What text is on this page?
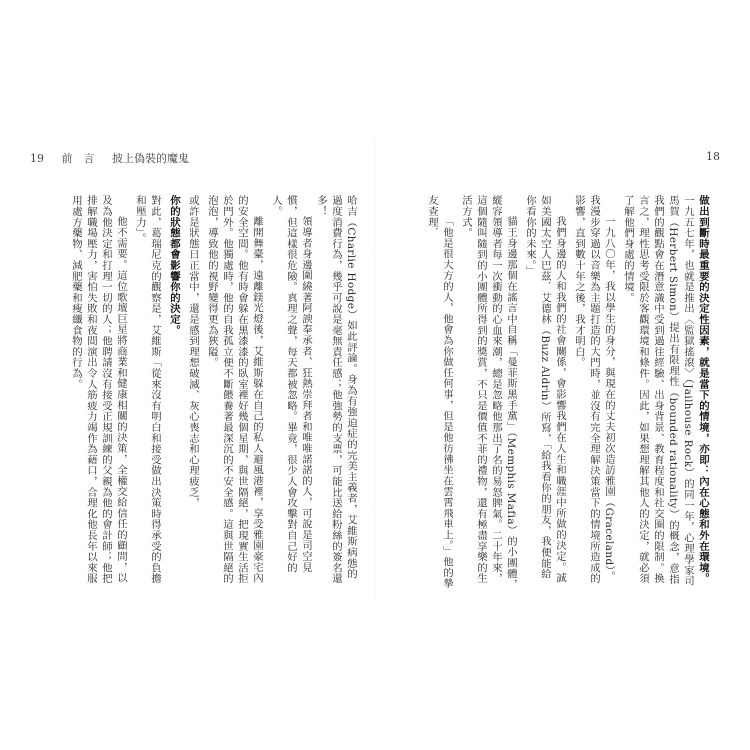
19 前　言 披上偽裝的魔鬼

哈吉（Charlie Hodge）如此評論。身為有強迫症的完美主義者，艾維斯病態的過度消費行為，幾乎可說是毫無責任感；他強勢的支票，可能比送給粉絲的簽名還多！

領導者身邊圍繞著阿諛奉承者、狂熱崇拜者和唯唯諾諾的人，可說是司空見慣，但這樣很危險。真理之聲，每天都被忽略。畢竟，很少人會攻擊對自己好的人。

離開舞臺，遠離鎂光燈後，艾維斯躲在自己的私人避風港裡，享受雅園豪宅內的安全空間。他有時會躲在黑漆漆的臥室裡好幾個星期，與世隔絕，把現實生活拒於門外。他獨處時，他的自我孤立便不斷餵養著最深沉的不安全感。這與世隔絕的泡泡，導致他的視野變得更為狹隘。

或許是狀態日正當中，還是感到理想破滅、灰心喪志和心理疲乏，

你的狀態都會影響你的決定。

對此，葛瑞尼克的觀察是，艾維斯「從來沒有明白和接受做出決策時得承受的負擔和壓力」。

他不需要。這位歌壇巨星將商業和健康相關的決策，全權交給信任的顧問，以及為他決定和打理一切的人；他聘請沒有接受正規訓練的父親為他的會計師；他把排解職場壓力，害怕失敗和夜間演出令人筋疲力竭作為藉口，合理化他長年以來服用處方藥物、減肥藥和瘦纖食物的行為。

18

做出到斷時最重要的決定性因素，就是當下的情境，亦即：內在心態和外在環境。

一九五七年，也就是推出〈監獄搖滾〉（Jailhouse Rock）的同一年，心理學家司馬賀（Herbert Simon）提出有限理性（bounded rationality）的概念，意指我們的觀點會在潛意識中受到過往經驗、出身背景、教育程度和社交圈的限制。換言之，理性思考受限於客觀環境和條件。因此，如果想理解其他人的決定，就必須了解他們身處的情境。

一九八〇年，我以學生的身分，與現在的丈夫初次造訪雅園（Graceland）。我漫步穿過以音樂為主題打造的大門時，並沒有完全理解決策當下的情境所造成的影響，直到數十年之後，我才明白。

我們身邊的人和我們的社會關係，會影響我們在人生和職涯中所做的決定。誠如美國太空人巴茲．艾德林（Buzz Aldrin）所寫，「給我看你的朋友，我便能給你看你的未來。」

貓王身邊那個在謠言中自稱「曼菲斯黑手黨」（Memphis Mafia）的小團體，縱容領導者每一次衝動的心血來潮，總是忽略他那出了名的易怒脾氣。二十年來，這個隨叫隨到的小團體所得到的獎賞，不只是價值不菲的禮物，還有極盡享樂的生活方式。

「他是很大方的人，他會為你做任何事，但是他彷彿坐在雲霄飛車上。」他的摯友查理．
